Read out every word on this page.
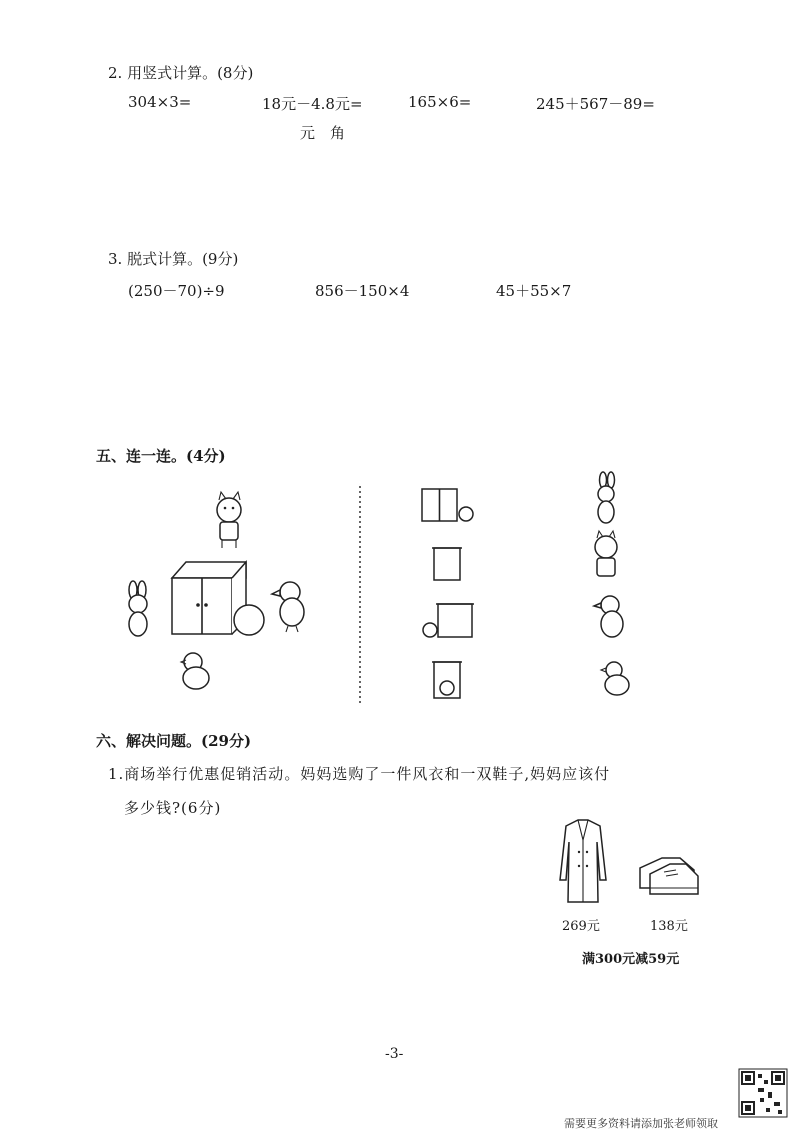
2. 用竖式计算。(8分)
304×3=	18元－4.8元=	165×6=	245＋567－89=
元 角
3. 脱式计算。(9分)
(250－70)÷9	856－150×4	45＋55×7
五、连一连。(4分)
六、解决问题。(29分)
1.商场举行优惠促销活动。妈妈选购了一件风衣和一双鞋子,妈妈应该付
多少钱?(6分)
269元	138元
满300元减59元
-3-
需要更多资料请添加张老师领取
